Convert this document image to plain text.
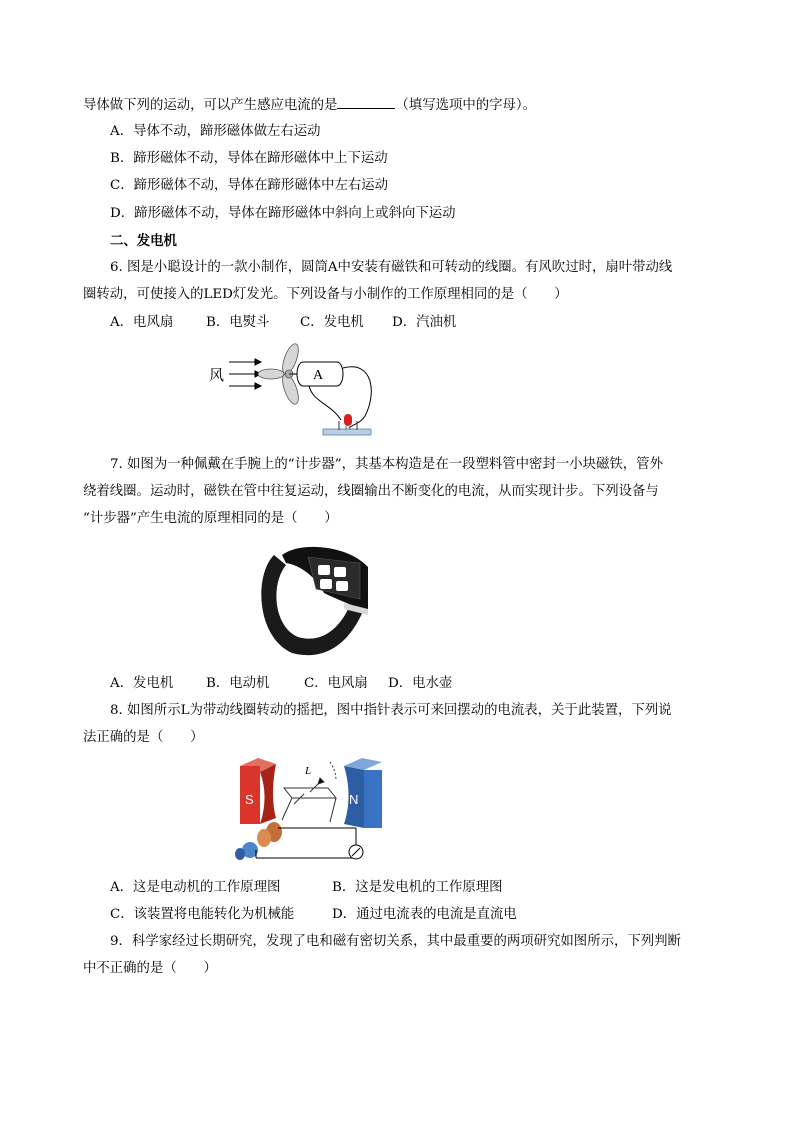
导体做下列的运动，可以产生感应电流的是	（填写选项中的字母）。
A．导体不动，蹄形磁体做左右运动
B．蹄形磁体不动，导体在蹄形磁体中上下运动
C．蹄形磁体不动，导体在蹄形磁体中左右运动
D．蹄形磁体不动，导体在蹄形磁体中斜向上或斜向下运动
二、发电机
6. 图是小聪设计的一款小制作，圆筒A中安装有磁铁和可转动的线圈。有风吹过时，扇叶带动线
圈转动，可使接入的LED灯发光。下列设备与小制作的工作原理相同的是（　　）
A．电风扇 B．电熨斗 C．发电机 D．汽油机
风	A
7. 如图为一种佩戴在手腕上的“计步器”，其基本构造是在一段塑料管中密封一小块磁铁，管外
绕着线圈。运动时，磁铁在管中往复运动，线圈输出不断变化的电流，从而实现计步。下列设备与
“计步器”产生电流的原理相同的是（　　）
A．发电机 B．电动机	C．电风扇 D．电水壶
8. 如图所示L为带动线圈转动的摇把，图中指针表示可来回摆动的电流表，关于此装置，下列说
法正确的是（　　）
S	N
L
A．这是电动机的工作原理图	B．这是发电机的工作原理图
C．该装置将电能转化为机械能	D．通过电流表的电流是直流电
9．科学家经过长期研究，发现了电和磁有密切关系，其中最重要的两项研究如图所示，下列判断
中不正确的是（　　）
